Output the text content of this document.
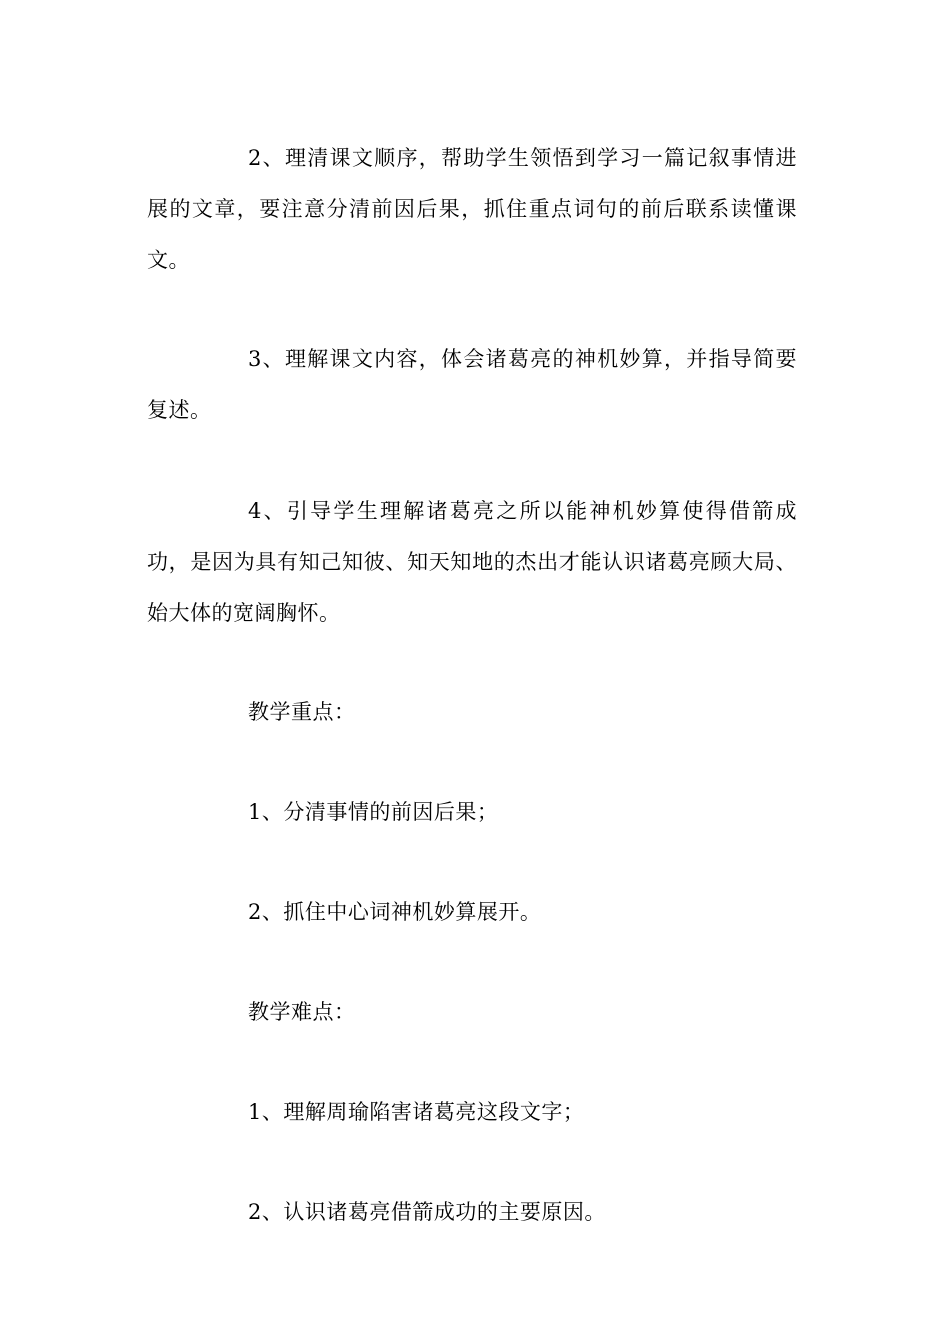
2、理清课文顺序，帮助学生领悟到学习一篇记叙事情进展的文章，要注意分清前因后果，抓住重点词句的前后联系读懂课文。

3、理解课文内容，体会诸葛亮的神机妙算，并指导简要复述。

4、引导学生理解诸葛亮之所以能神机妙算使得借箭成功，是因为具有知己知彼、知天知地的杰出才能认识诸葛亮顾大局、始大体的宽阔胸怀。

教学重点：

1、分清事情的前因后果；

2、抓住中心词神机妙算展开。

教学难点：

1、理解周瑜陷害诸葛亮这段文字；

2、认识诸葛亮借箭成功的主要原因。
